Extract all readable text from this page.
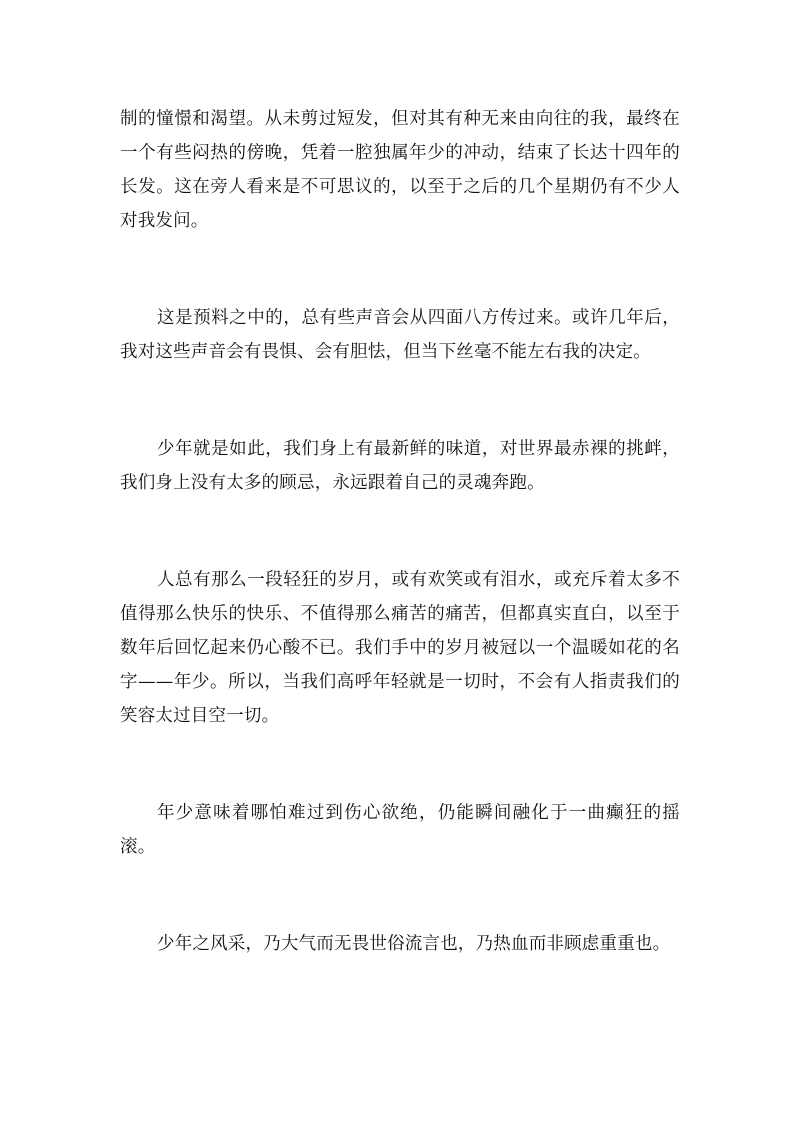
制的憧憬和渴望。从未剪过短发，但对其有种无来由向往的我，最终在一个有些闷热的傍晚，凭着一腔独属年少的冲动，结束了长达十四年的长发。这在旁人看来是不可思议的，以至于之后的几个星期仍有不少人对我发问。

这是预料之中的，总有些声音会从四面八方传过来。或许几年后，我对这些声音会有畏惧、会有胆怯，但当下丝毫不能左右我的决定。

少年就是如此，我们身上有最新鲜的味道，对世界最赤裸的挑衅，我们身上没有太多的顾忌，永远跟着自己的灵魂奔跑。

人总有那么一段轻狂的岁月，或有欢笑或有泪水，或充斥着太多不值得那么快乐的快乐、不值得那么痛苦的痛苦，但都真实直白，以至于数年后回忆起来仍心酸不已。我们手中的岁月被冠以一个温暖如花的名字——年少。所以，当我们高呼年轻就是一切时，不会有人指责我们的笑容太过目空一切。

年少意味着哪怕难过到伤心欲绝，仍能瞬间融化于一曲癫狂的摇滚。

少年之风采，乃大气而无畏世俗流言也，乃热血而非顾虑重重也。
